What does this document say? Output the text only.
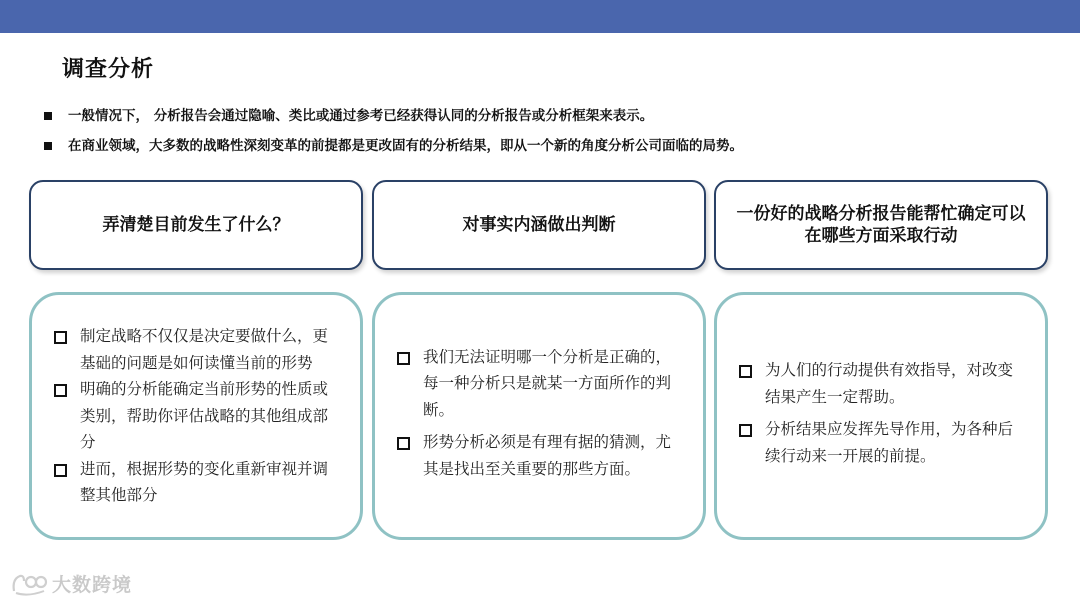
调查分析
一般情况下， 分析报告会通过隐喻、类比或通过参考已经获得认同的分析报告或分析框架来表示。
在商业领域，大多数的战略性深刻变革的前提都是更改固有的分析结果，即从一个新的角度分析公司面临的局势。
弄清楚目前发生了什么？	对事实内涵做出判断
一份好的战略分析报告能帮忙确定可以在哪些方面采取行动
制定战略不仅仅是决定要做什么，更基础的问题是如何读懂当前的形势
明确的分析能确定当前形势的性质或类别，帮助你评估战略的其他组成部分
进而，根据形势的变化重新审视并调整其他部分
我们无法证明哪一个分析是正确的，每一种分析只是就某一方面所作的判断。
形势分析必须是有理有据的猜测，尤其是找出至关重要的那些方面。
为人们的行动提供有效指导，对改变结果产生一定帮助。
分析结果应发挥先导作用，为各种后续行动来一开展的前提。
大数跨境
